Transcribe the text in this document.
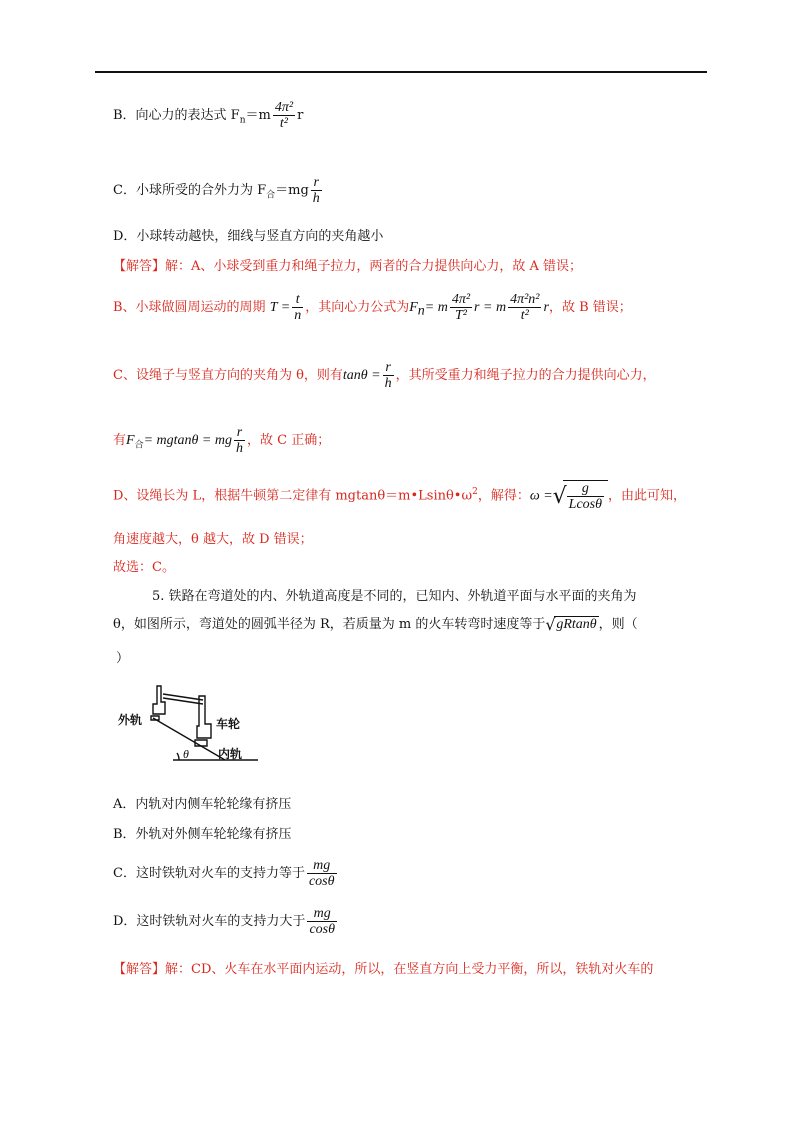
B．向心力的表达式 $F_n=m \frac{\text{4π²}}{\text{t²}}$ r
C．小球所受的合外力为 $F_合=mg \frac{r}{h}$
D．小球转动越快，细线与竖直方向的夹角越小
【解答】解：A、小球受到重力和绳子拉力，两者的合力提供向心力，故 A 错误；
B、小球做圆周运动的周期 $T = \frac{t}{n}$ ，其向心力公式为$F_n= m \frac{\text{4π²}}{\text{T²}}$ r = m $\frac{\text{4π²n²}}{\text{t²}}$ r，故 B 错误；
C、设绳子与竖直方向的夹角为 θ，则有$\tan\theta = \frac{r}{h}$ ，其所受重力和绳子拉力的合力提供向心力，
有$F_合= mgtan\theta$ = mg $\frac{r}{h}$ ，故 C 正确；
D、设绳长为 L，根据牛顿第二定律有 $mgtan\theta=m•Lsin\theta•\omega^2$，解得：ω = √ $\frac{g}{Lcos\theta}$ ，由此可知，
角速度越大，θ 越大，故 D 错误；
故选：C。
5. 铁路在弯道处的内、外轨道高度是不同的，已知内、外轨道平面与水平面的夹角为
θ，如图所示，弯道处的圆弧半径为 R，若质量为 m 的火车转弯时速度等于 √ gRtanθ ，则（
）
外轨	车轮
内轨
θ
A．内轨对内侧车轮轮缘有挤压
B．外轨对外侧车轮轮缘有挤压
C．这时铁轨对火车的支持力等于 $\frac{mg}{\cos\theta}$
D．这时铁轨对火车的支持力大于 $\frac{mg}{\cos\theta}$
【解答】解：CD、火车在水平面内运动，所以，在竖直方向上受力平衡，所以，铁轨对火车的
